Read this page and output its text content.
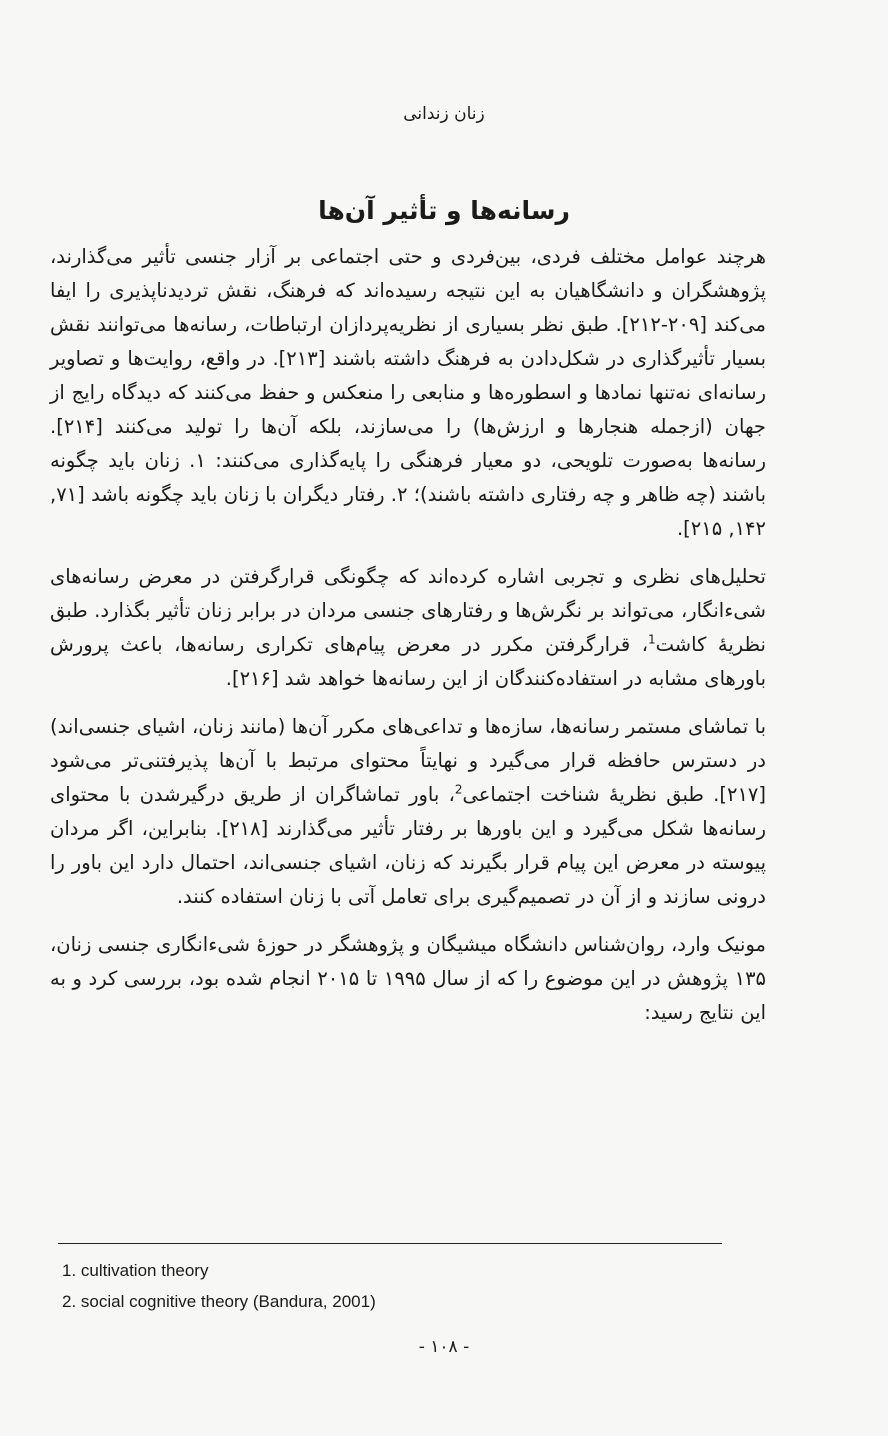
زنان زندانی
رسانه‌ها و تأثیر آن‌ها

هرچند عوامل مختلف فردی، بین‌فردی و حتی اجتماعی بر آزار جنسی تأثیر می‌گذارند، پژوهشگران و دانشگاهیان به این نتیجه رسیده‌اند که فرهنگ، نقش تردیدناپذیری را ایفا می‌کند [۲۰۹-۲۱۲]. طبق نظر بسیاری از نظریه‌پردازان ارتباطات، رسانه‌ها می‌توانند نقش بسیار تأثیرگذاری در شکل‌دادن به فرهنگ داشته باشند [۲۱۳]. در واقع، روایت‌ها و تصاویر رسانه‌ای نه‌تنها نمادها و اسطوره‌ها و منابعی را منعکس و حفظ می‌کنند که دیدگاه رایج از جهان (ازجمله هنجارها و ارزش‌ها) را می‌سازند، بلکه آن‌ها را تولید می‌کنند [۲۱۴]. رسانه‌ها به‌صورت تلویحی، دو معیار فرهنگی را پایه‌گذاری می‌کنند: ۱. زنان باید چگونه باشند (چه ظاهر و چه رفتاری داشته باشند)؛ ۲. رفتار دیگران با زنان باید چگونه باشد [۷۱, ۱۴۲, ۲۱۵].

تحلیل‌های نظری و تجربی اشاره کرده‌اند که چگونگی قرارگرفتن در معرض رسانه‌های شیءانگار، می‌تواند بر نگرش‌ها و رفتارهای جنسی مردان در برابر زنان تأثیر بگذارد. طبق نظریهٔ کاشت$^1$، قرارگرفتن مکرر در معرض پیام‌های تکراری رسانه‌ها، باعث پرورش باورهای مشابه در استفاده‌کنندگان از این رسانه‌ها خواهد شد [۲۱۶].

با تماشای مستمر رسانه‌ها، سازه‌ها و تداعی‌های مکرر آن‌ها (مانند زنان، اشیای جنسی‌اند) در دسترس حافظه قرار می‌گیرد و نهایتاً محتوای مرتبط با آن‌ها پذیرفتنی‌تر می‌شود [۲۱۷]. طبق نظریهٔ شناخت اجتماعی$^2$، باور تماشاگران از طریق درگیرشدن با محتوای رسانه‌ها شکل می‌گیرد و این باورها بر رفتار تأثیر می‌گذارند [۲۱۸]. بنابراین، اگر مردان پیوسته در معرض این پیام قرار بگیرند که زنان، اشیای جنسی‌اند، احتمال دارد این باور را درونی سازند و از آن در تصمیم‌گیری برای تعامل آتی با زنان استفاده کنند.

مونیک وارد، روان‌شناس دانشگاه میشیگان و پژوهشگر در حوزهٔ شیءانگاری جنسی زنان، ۱۳۵ پژوهش در این موضوع را که از سال ۱۹۹۵ تا ۲۰۱۵ انجام شده بود، بررسی کرد و به این نتایج رسید:

1. cultivation theory
2. social cognitive theory (Bandura, 2001)
- ۱۰۸ -
